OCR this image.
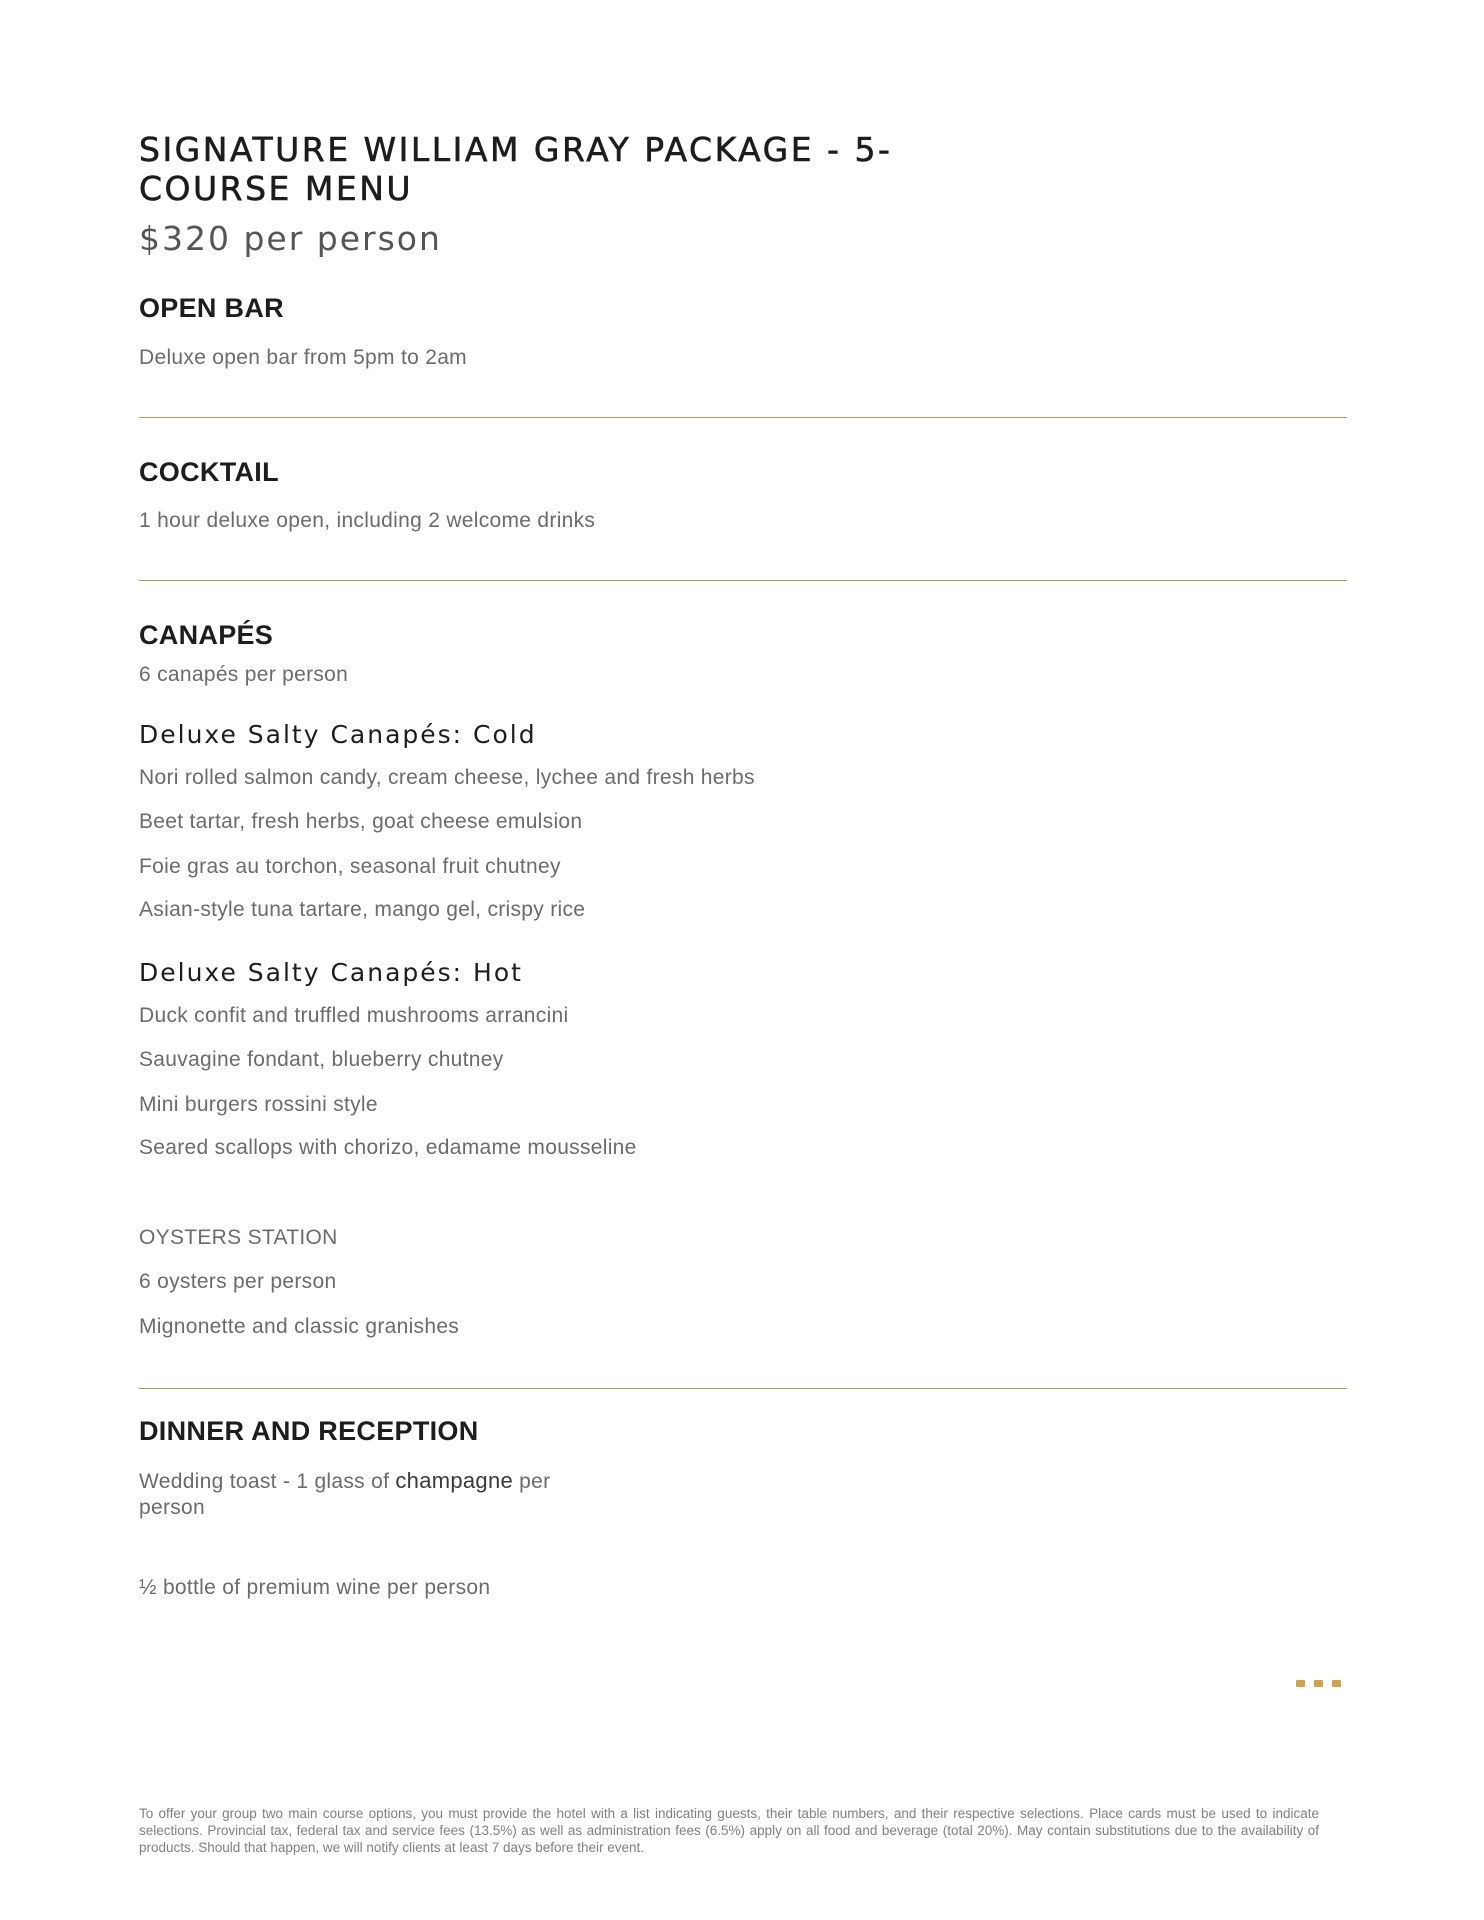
SIGNATURE WILLIAM GRAY PACKAGE - 5-COURSE MENU
$320 per person
OPEN BAR
Deluxe open bar from 5pm to 2am
COCKTAIL
1 hour deluxe open, including 2 welcome drinks
CANAPÉS
6 canapés per person
Deluxe Salty Canapés: Cold
Nori rolled salmon candy, cream cheese, lychee and fresh herbs
Beet tartar, fresh herbs, goat cheese emulsion
Foie gras au torchon, seasonal fruit chutney
Asian-style tuna tartare, mango gel, crispy rice
Deluxe Salty Canapés: Hot
Duck confit and truffled mushrooms arrancini
Sauvagine fondant, blueberry chutney
Mini burgers rossini style
Seared scallops with chorizo, edamame mousseline
OYSTERS STATION
6 oysters per person
Mignonette and classic granishes
DINNER AND RECEPTION
Wedding toast - 1 glass of champagne per
person
½ bottle of premium wine per person
To offer your group two main course options, you must provide the hotel with a list indicating guests, their table numbers, and their respective selections. Place cards must be used to indicate selections. Provincial tax, federal tax and service fees (13.5%) as well as administration fees (6.5%) apply on all food and beverage (total 20%). May contain substitutions due to the availability of products. Should that happen, we will notify clients at least 7 days before their event.
